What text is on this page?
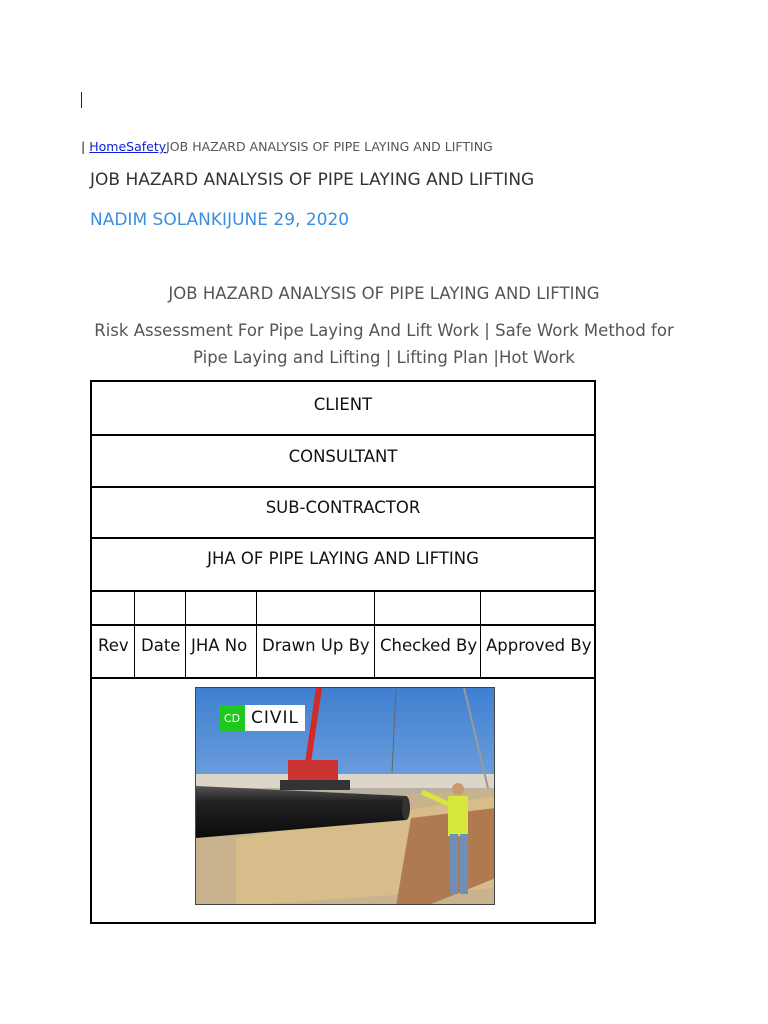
| HomeSafetyJOB HAZARD ANALYSIS OF PIPE LAYING AND LIFTING
JOB HAZARD ANALYSIS OF PIPE LAYING AND LIFTING
NADIM SOLANKIJUNE 29, 2020
JOB HAZARD ANALYSIS OF PIPE LAYING AND LIFTING
Risk Assessment For Pipe Laying And Lift Work | Safe Work Method for Pipe Laying and Lifting | Lifting Plan |Hot Work
CLIENT
CONSULTANT
SUB-CONTRACTOR
JHA OF PIPE LAYING AND LIFTING
Rev Date JHA No Drawn Up By Checked By Approved By
CD CIVIL
